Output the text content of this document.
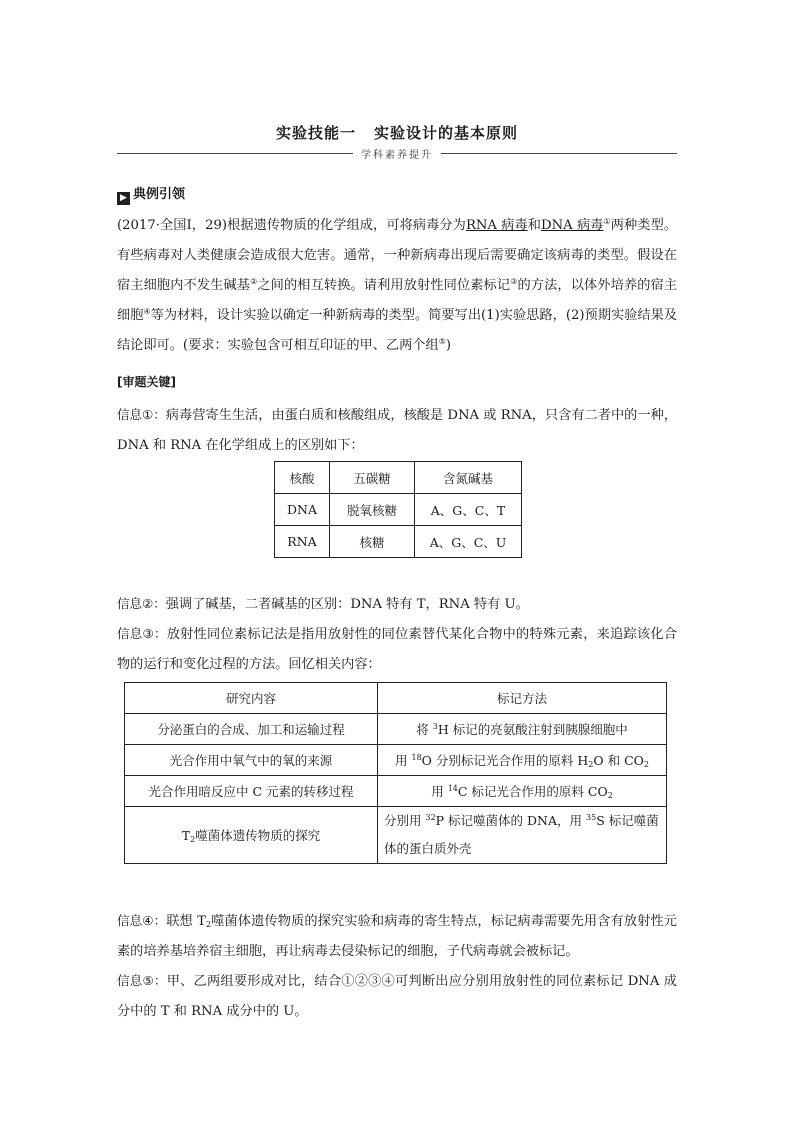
实验技能一 实验设计的基本原则
学科素养提升
▶ 典例引领
(2017·全国Ⅰ，29)根据遗传物质的化学组成，可将病毒分为RNA 病毒和DNA 病毒①两种类型。有些病毒对人类健康会造成很大危害。通常，一种新病毒出现后需要确定该病毒的类型。假设在宿主细胞内不发生碱基②之间的相互转换。请利用放射性同位素标记③的方法，以体外培养的宿主细胞④等为材料，设计实验以确定一种新病毒的类型。简要写出(1)实验思路，(2)预期实验结果及结论即可。(要求：实验包含可相互印证的甲、乙两个组⑤)
[审题关键]
信息①：病毒营寄生生活，由蛋白质和核酸组成，核酸是 DNA 或 RNA，只含有二者中的一种，DNA 和 RNA 在化学组成上的区别如下：
核酸	五碳糖	含氮碱基
DNA	脱氧核糖	A、G、C、T
RNA	核糖	A、G、C、U
信息②：强调了碱基，二者碱基的区别：DNA 特有 T，RNA 特有 U。
信息③：放射性同位素标记法是指用放射性的同位素替代某化合物中的特殊元素，来追踪该化合物的运行和变化过程的方法。回忆相关内容：
研究内容	标记方法
分泌蛋白的合成、加工和运输过程	将 $^3$H 标记的亮氨酸注射到胰腺细胞中
光合作用中氧气中的氧的来源	用 $^{18}$O 分别标记光合作用的原料 $H_2O$ 和 $CO_2$
光合作用暗反应中 C 元素的转移过程	用 $^{14}$C 标记光合作用的原料 $CO_2$
$T_2$噬菌体遗传物质的探究	分别用 $^{32}$P 标记噬菌体的 DNA，用 $^{35}$S 标记噬菌体的蛋白质外壳
信息④：联想 $T_2$噬菌体遗传物质的探究实验和病毒的寄生特点，标记病毒需要先用含有放射性元素的培养基培养宿主细胞，再让病毒去侵染标记的细胞，子代病毒就会被标记。
信息⑤：甲、乙两组要形成对比，结合①②③④可判断出应分别用放射性的同位素标记 DNA 成分中的 T 和 RNA 成分中的 U。
